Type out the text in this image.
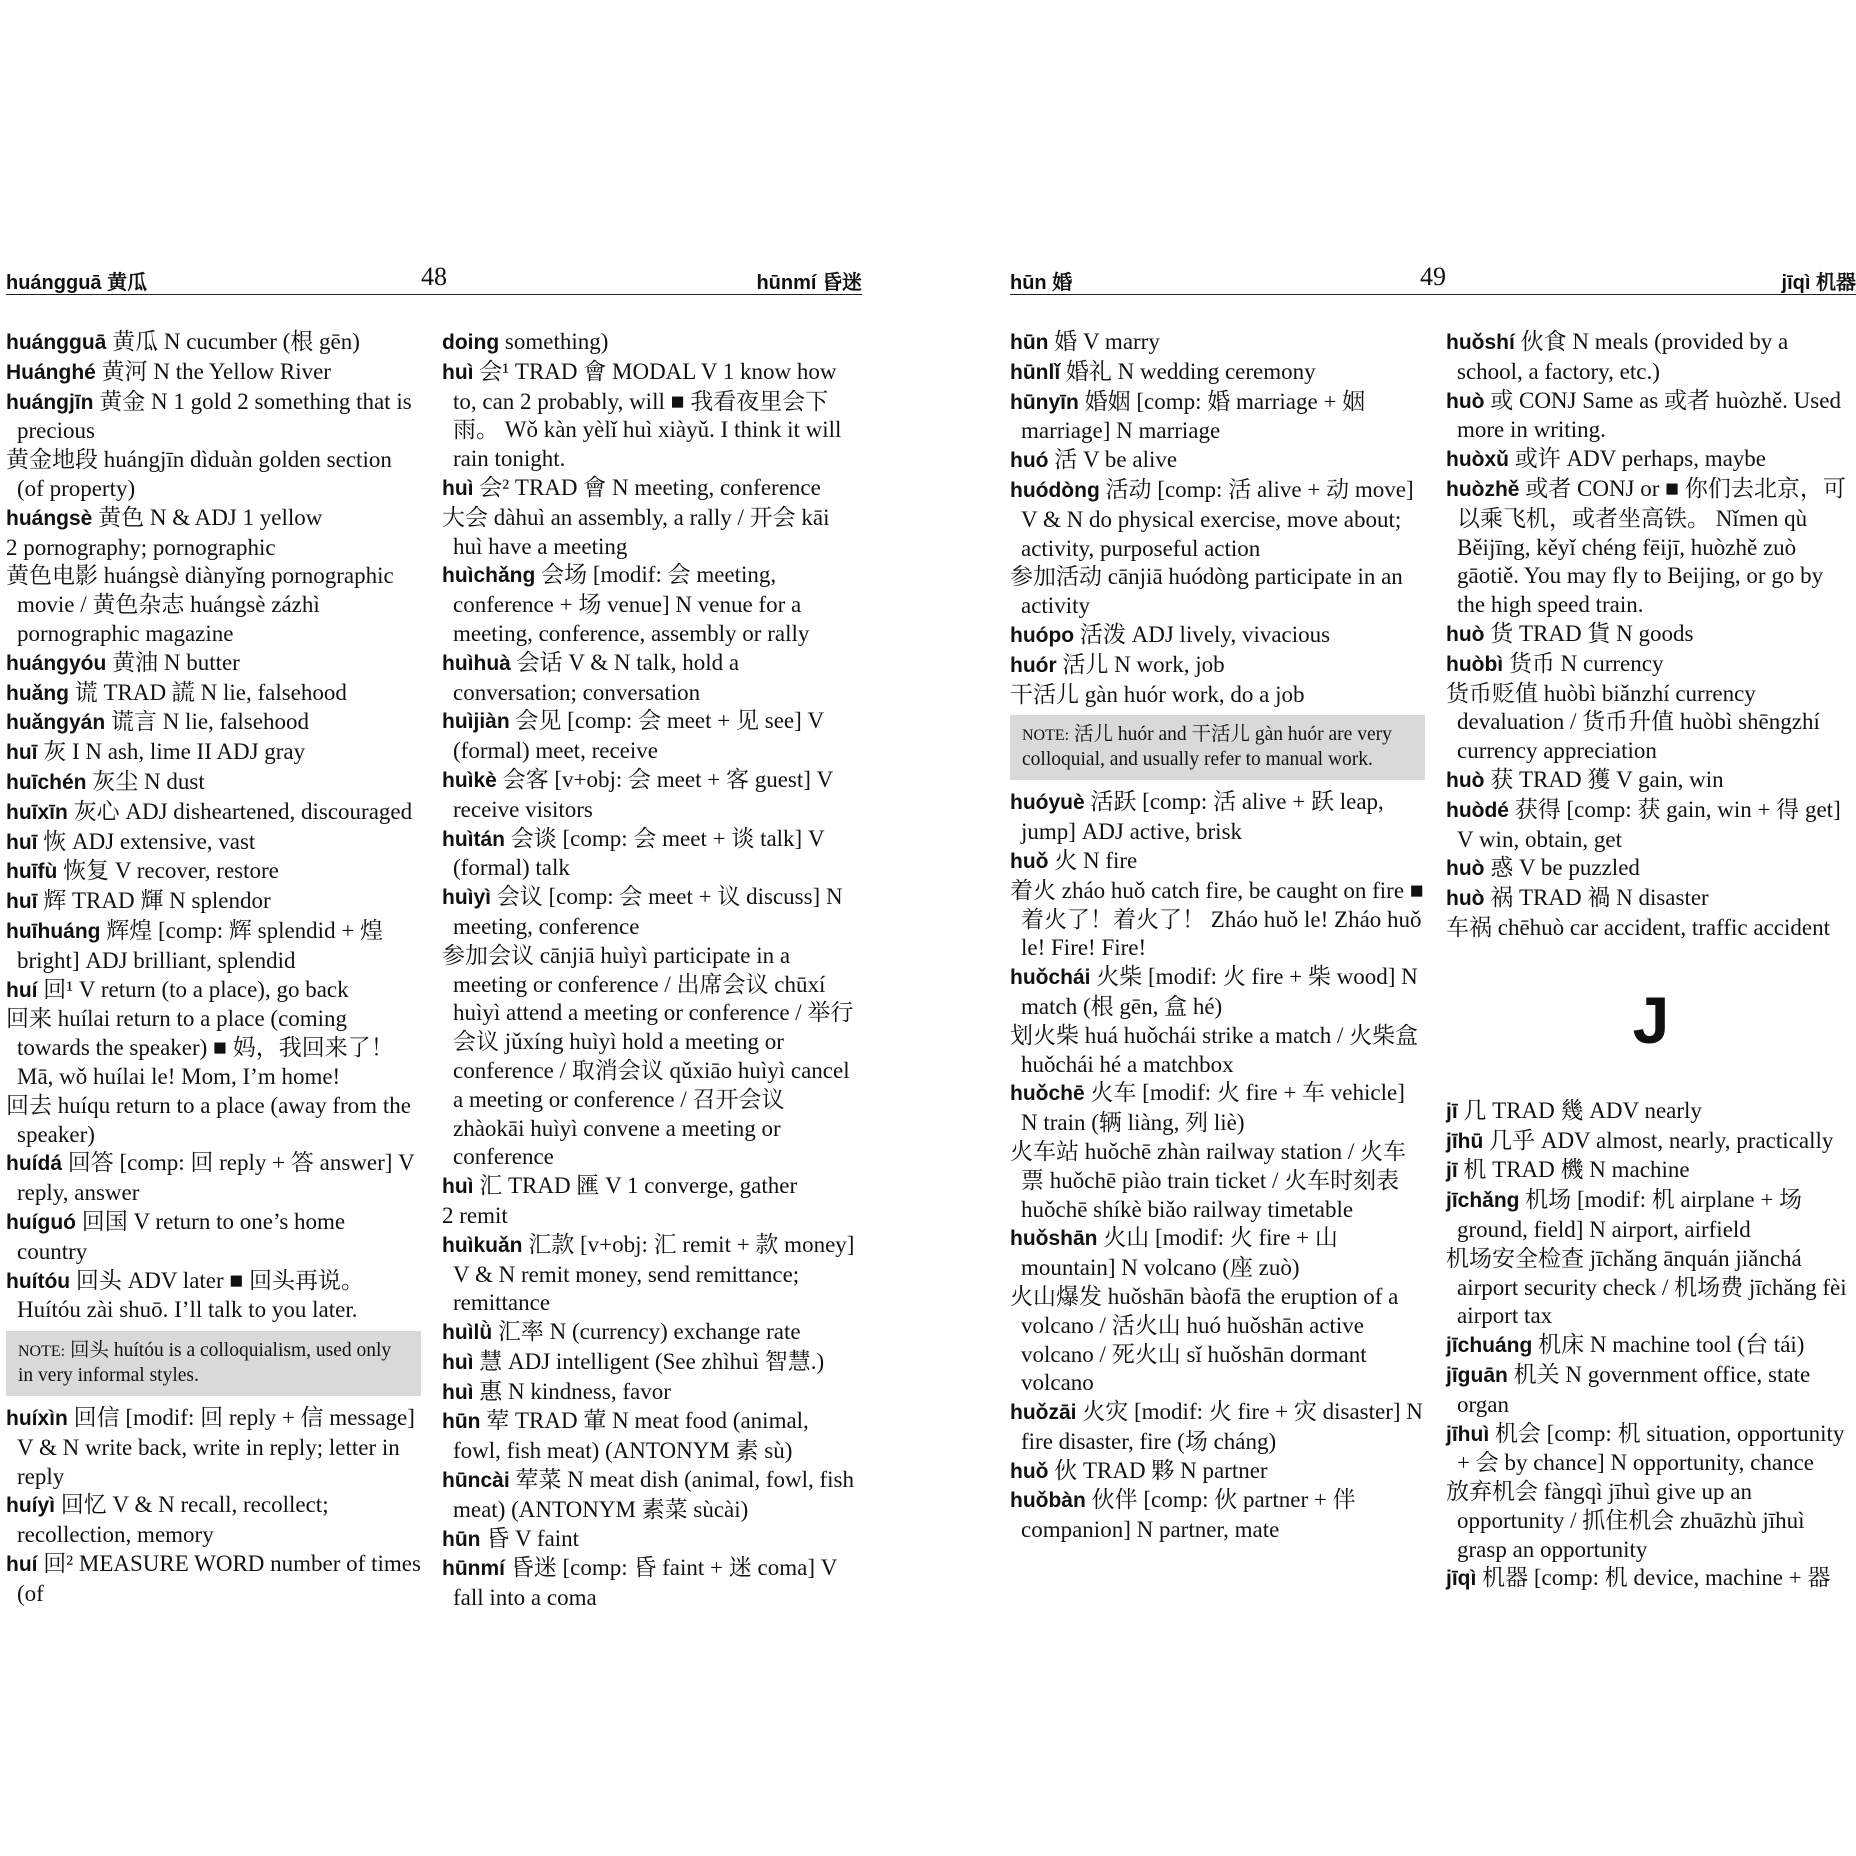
huángguā 黄瓜	48	hūnmí 昏迷
huángguā 黄瓜 N cucumber (根 gēn)
Huánghé 黄河 N the Yellow River
huángjīn 黄金 N 1 gold 2 something that is precious
黄金地段 huángjīn dìduàn golden section (of property)
huángsè 黄色 N & ADJ 1 yellow
2 pornography; pornographic
黄色电影 huángsè diànyǐng pornographic movie / 黄色杂志 huángsè zázhì pornographic magazine
huángyóu 黄油 N butter
huǎng 谎 TRAD 謊 N lie, falsehood
huǎngyán 谎言 N lie, falsehood
huī 灰 I N ash, lime II ADJ gray
huīchén 灰尘 N dust
huīxīn 灰心 ADJ disheartened, discouraged
huī 恢 ADJ extensive, vast
huīfù 恢复 V recover, restore
huī 辉 TRAD 輝 N splendor
huīhuáng 辉煌 [comp: 辉 splendid + 煌 bright] ADJ brilliant, splendid
huí 回¹ V return (to a place), go back
回来 huílai return to a place (coming towards the speaker) ■ 妈，我回来了！ Mā, wǒ huílai le! Mom, I’m home!
回去 huíqu return to a place (away from the speaker)
huídá 回答 [comp: 回 reply + 答 answer] V reply, answer
huíguó 回国 V return to one’s home country
huítóu 回头 ADV later ■ 回头再说。 Huítóu zài shuō. I’ll talk to you later.
NOTE: 回头 huítóu is a colloquialism, used only in very informal styles.
huíxìn 回信 [modif: 回 reply + 信 message] V & N write back, write in reply; letter in reply
huíyì 回忆 V & N recall, recollect; recollection, memory
huí 回² MEASURE WORD number of times (of
doing something)
huì 会¹ TRAD 會 MODAL V 1 know how to, can 2 probably, will ■ 我看夜里会下雨。 Wǒ kàn yèlǐ huì xiàyǔ. I think it will rain tonight.
huì 会² TRAD 會 N meeting, conference
大会 dàhuì an assembly, a rally / 开会 kāi huì have a meeting
huìchǎng 会场 [modif: 会 meeting, conference + 场 venue] N venue for a meeting, conference, assembly or rally
huìhuà 会话 V & N talk, hold a conversation; conversation
huìjiàn 会见 [comp: 会 meet + 见 see] V (formal) meet, receive
huìkè 会客 [v+obj: 会 meet + 客 guest] V receive visitors
huìtán 会谈 [comp: 会 meet + 谈 talk] V (formal) talk
huìyì 会议 [comp: 会 meet + 议 discuss] N meeting, conference
参加会议 cānjiā huìyì participate in a meeting or conference / 出席会议 chūxí huìyì attend a meeting or conference / 举行会议 jǔxíng huìyì hold a meeting or conference / 取消会议 qǔxiāo huìyì cancel a meeting or conference / 召开会议 zhàokāi huìyì convene a meeting or conference
huì 汇 TRAD 匯 V 1 converge, gather
2 remit
huìkuǎn 汇款 [v+obj: 汇 remit + 款 money] V & N remit money, send remittance; remittance
huìlǜ 汇率 N (currency) exchange rate
huì 慧 ADJ intelligent (See zhìhuì 智慧.)
huì 惠 N kindness, favor
hūn 荤 TRAD 葷 N meat food (animal, fowl, fish meat) (ANTONYM 素 sù)
hūncài 荤菜 N meat dish (animal, fowl, fish meat) (ANTONYM 素菜 sùcài)
hūn 昏 V faint
hūnmí 昏迷 [comp: 昏 faint + 迷 coma] V fall into a coma
hūn 婚	49	jīqì 机器
hūn 婚 V marry
hūnlǐ 婚礼 N wedding ceremony
hūnyīn 婚姻 [comp: 婚 marriage + 姻 marriage] N marriage
huó 活 V be alive
huódòng 活动 [comp: 活 alive + 动 move] V & N do physical exercise, move about; activity, purposeful action
参加活动 cānjiā huódòng participate in an activity
huópo 活泼 ADJ lively, vivacious
huór 活儿 N work, job
干活儿 gàn huór work, do a job
NOTE: 活儿 huór and 干活儿 gàn huór are very colloquial, and usually refer to manual work.
huóyuè 活跃 [comp: 活 alive + 跃 leap, jump] ADJ active, brisk
huǒ 火 N fire
着火 zháo huǒ catch fire, be caught on fire ■ 着火了！着火了！ Zháo huǒ le! Zháo huǒ le! Fire! Fire!
huǒchái 火柴 [modif: 火 fire + 柴 wood] N match (根 gēn, 盒 hé)
划火柴 huá huǒchái strike a match / 火柴盒 huǒchái hé a matchbox
huǒchē 火车 [modif: 火 fire + 车 vehicle] N train (辆 liàng, 列 liè)
火车站 huǒchē zhàn railway station / 火车票 huǒchē piào train ticket / 火车时刻表 huǒchē shíkè biǎo railway timetable
huǒshān 火山 [modif: 火 fire + 山 mountain] N volcano (座 zuò)
火山爆发 huǒshān bàofā the eruption of a volcano / 活火山 huó huǒshān active volcano / 死火山 sǐ huǒshān dormant volcano
huǒzāi 火灾 [modif: 火 fire + 灾 disaster] N fire disaster, fire (场 cháng)
huǒ 伙 TRAD 夥 N partner
huǒbàn 伙伴 [comp: 伙 partner + 伴 companion] N partner, mate
huǒshí 伙食 N meals (provided by a school, a factory, etc.)
huò 或 CONJ Same as 或者 huòzhě. Used more in writing.
huòxǔ 或许 ADV perhaps, maybe
huòzhě 或者 CONJ or ■ 你们去北京，可以乘飞机，或者坐高铁。 Nǐmen qù Běijīng, kěyǐ chéng fēijī, huòzhě zuò gāotiě. You may fly to Beijing, or go by the high speed train.
huò 货 TRAD 貨 N goods
huòbì 货币 N currency
货币贬值 huòbì biǎnzhí currency devaluation / 货币升值 huòbì shēngzhí currency appreciation
huò 获 TRAD 獲 V gain, win
huòdé 获得 [comp: 获 gain, win + 得 get] V win, obtain, get
huò 惑 V be puzzled
huò 祸 TRAD 禍 N disaster
车祸 chēhuò car accident, traffic accident
J
jī 几 TRAD 幾 ADV nearly
jīhū 几乎 ADV almost, nearly, practically
jī 机 TRAD 機 N machine
jīchǎng 机场 [modif: 机 airplane + 场 ground, field] N airport, airfield
机场安全检查 jīchǎng ānquán jiǎnchá airport security check / 机场费 jīchǎng fèi airport tax
jīchuáng 机床 N machine tool (台 tái)
jīguān 机关 N government office, state organ
jīhuì 机会 [comp: 机 situation, opportunity + 会 by chance] N opportunity, chance
放弃机会 fàngqì jīhuì give up an opportunity / 抓住机会 zhuāzhù jīhuì grasp an opportunity
jīqì 机器 [comp: 机 device, machine + 器
